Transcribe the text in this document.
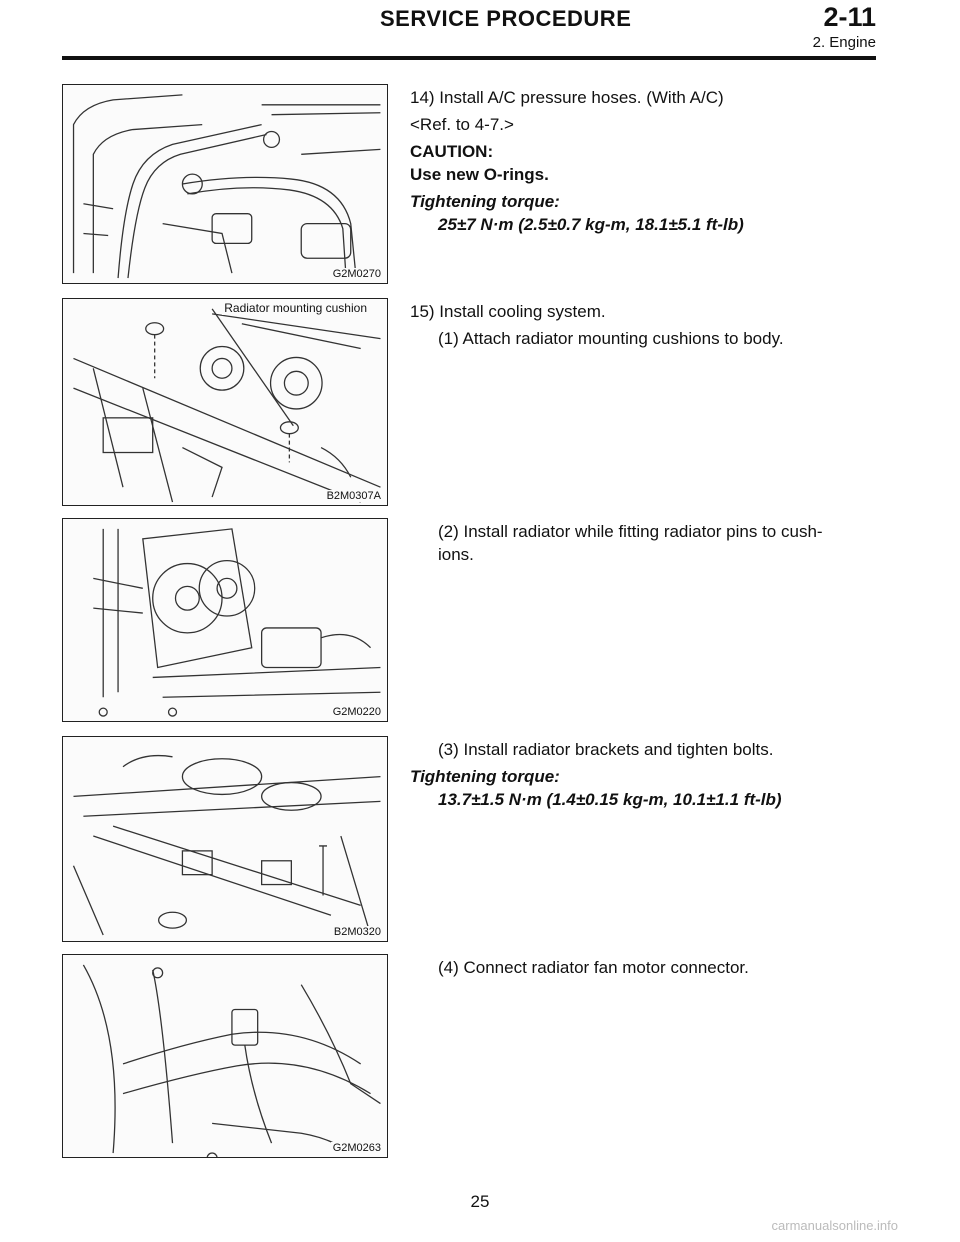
SERVICE PROCEDURE	2-11
2. Engine
G2M0270
Radiator mounting cushion
B2M0307A
G2M0220
B2M0320
G2M0263

14) Install A/C pressure hoses. (With A/C)

<Ref. to 4-7.>

CAUTION:

Use new O-rings.

Tightening torque:

25±7 N·m (2.5±0.7 kg-m, 18.1±5.1 ft-lb)

15) Install cooling system.

(1) Attach radiator mounting cushions to body.

(2) Install radiator while fitting radiator pins to cush-

ions.

(3) Install radiator brackets and tighten bolts.

Tightening torque:

13.7±1.5 N·m (1.4±0.15 kg-m, 10.1±1.1 ft-lb)

(4) Connect radiator fan motor connector.

25
carmanualsonline.info
